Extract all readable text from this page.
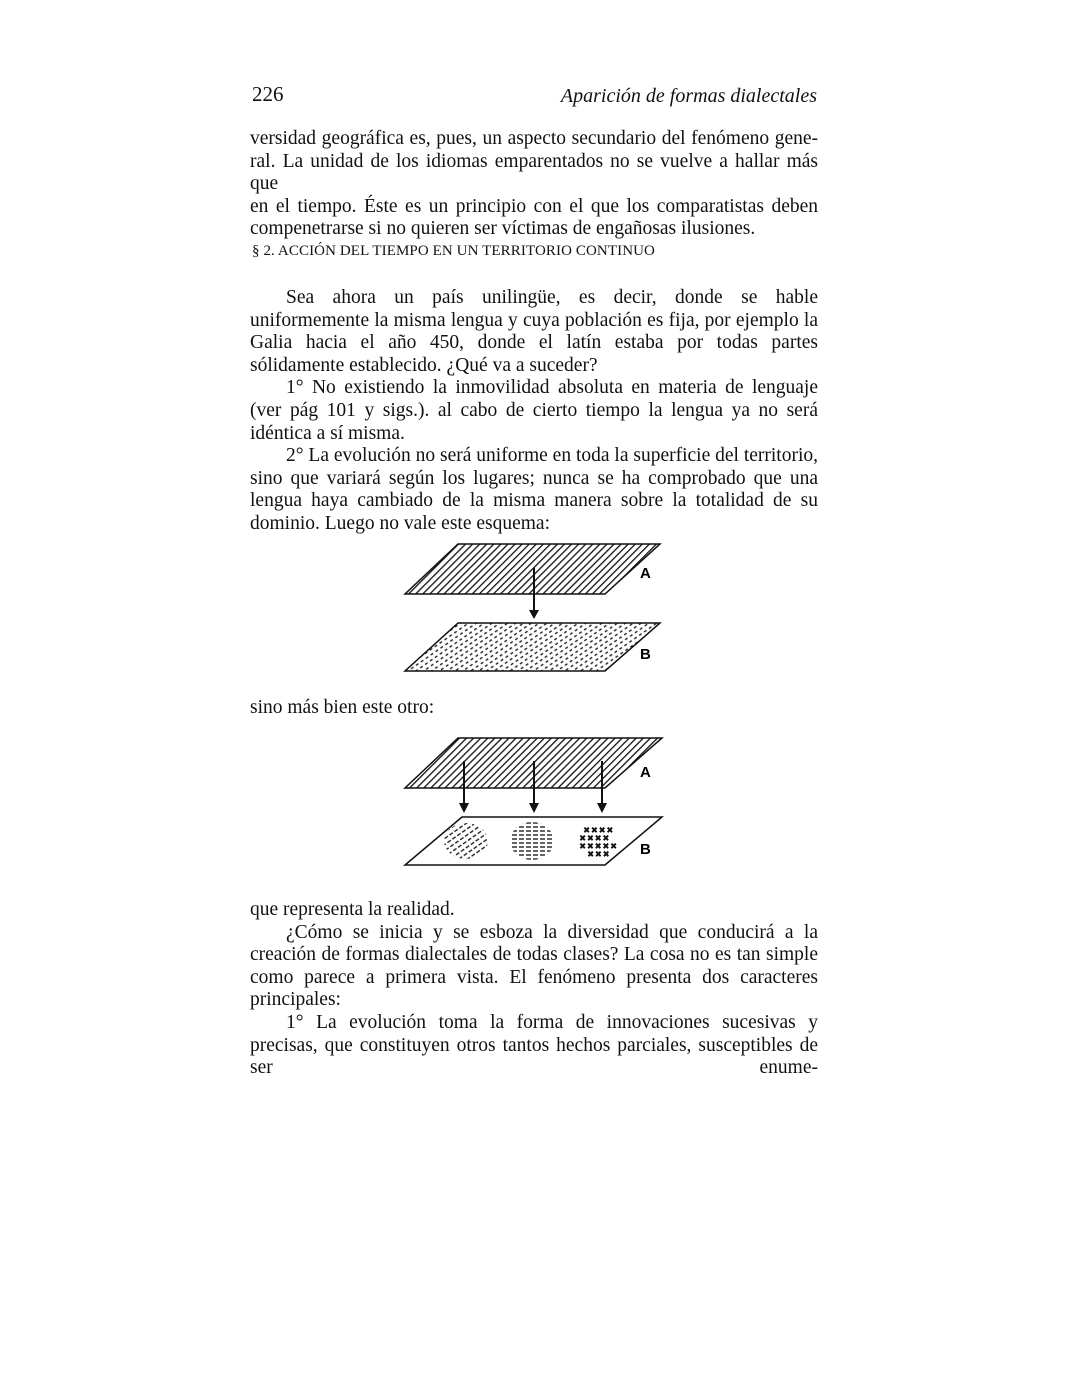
226	Aparición de formas dialectales

versidad geográfica es, pues, un aspecto secundario del fenómeno gene-

ral. La unidad de los idiomas emparentados no se vuelve a hallar más que

en el tiempo. Éste es un principio con el que los comparatistas deben

compenetrarse si no quieren ser víctimas de engañosas ilusiones.

§ 2. ACCIÓN DEL TIEMPO EN UN TERRITORIO CONTINUO

Sea ahora un país unilingüe, es decir, donde se hable uniformemente la misma lengua y cuya población es fija, por ejemplo la Galia hacia el año 450, donde el latín estaba por todas partes sólidamente establecido. ¿Qué va a suceder?

1° No existiendo la inmovilidad absoluta en materia de lenguaje (ver pág 101 y sigs.). al cabo de cierto tiempo la lengua ya no será idéntica a sí misma.

2° La evolución no será uniforme en toda la superficie del territorio, sino que variará según los lugares; nunca se ha comprobado que una lengua haya cambiado de la misma manera sobre la totalidad de su dominio. Luego no vale este esquema:

A
B
sino más bien este otro:
A
× × × ×
× × × ×
× × × × ×
× × × B

que representa la realidad.

¿Cómo se inicia y se esboza la diversidad que conducirá a la creación de formas dialectales de todas clases? La cosa no es tan simple como parece a primera vista. El fenómeno presenta dos caracteres principales:

1° La evolución toma la forma de innovaciones sucesivas y precisas, que constituyen otros tantos hechos parciales, susceptibles de ser enume-
